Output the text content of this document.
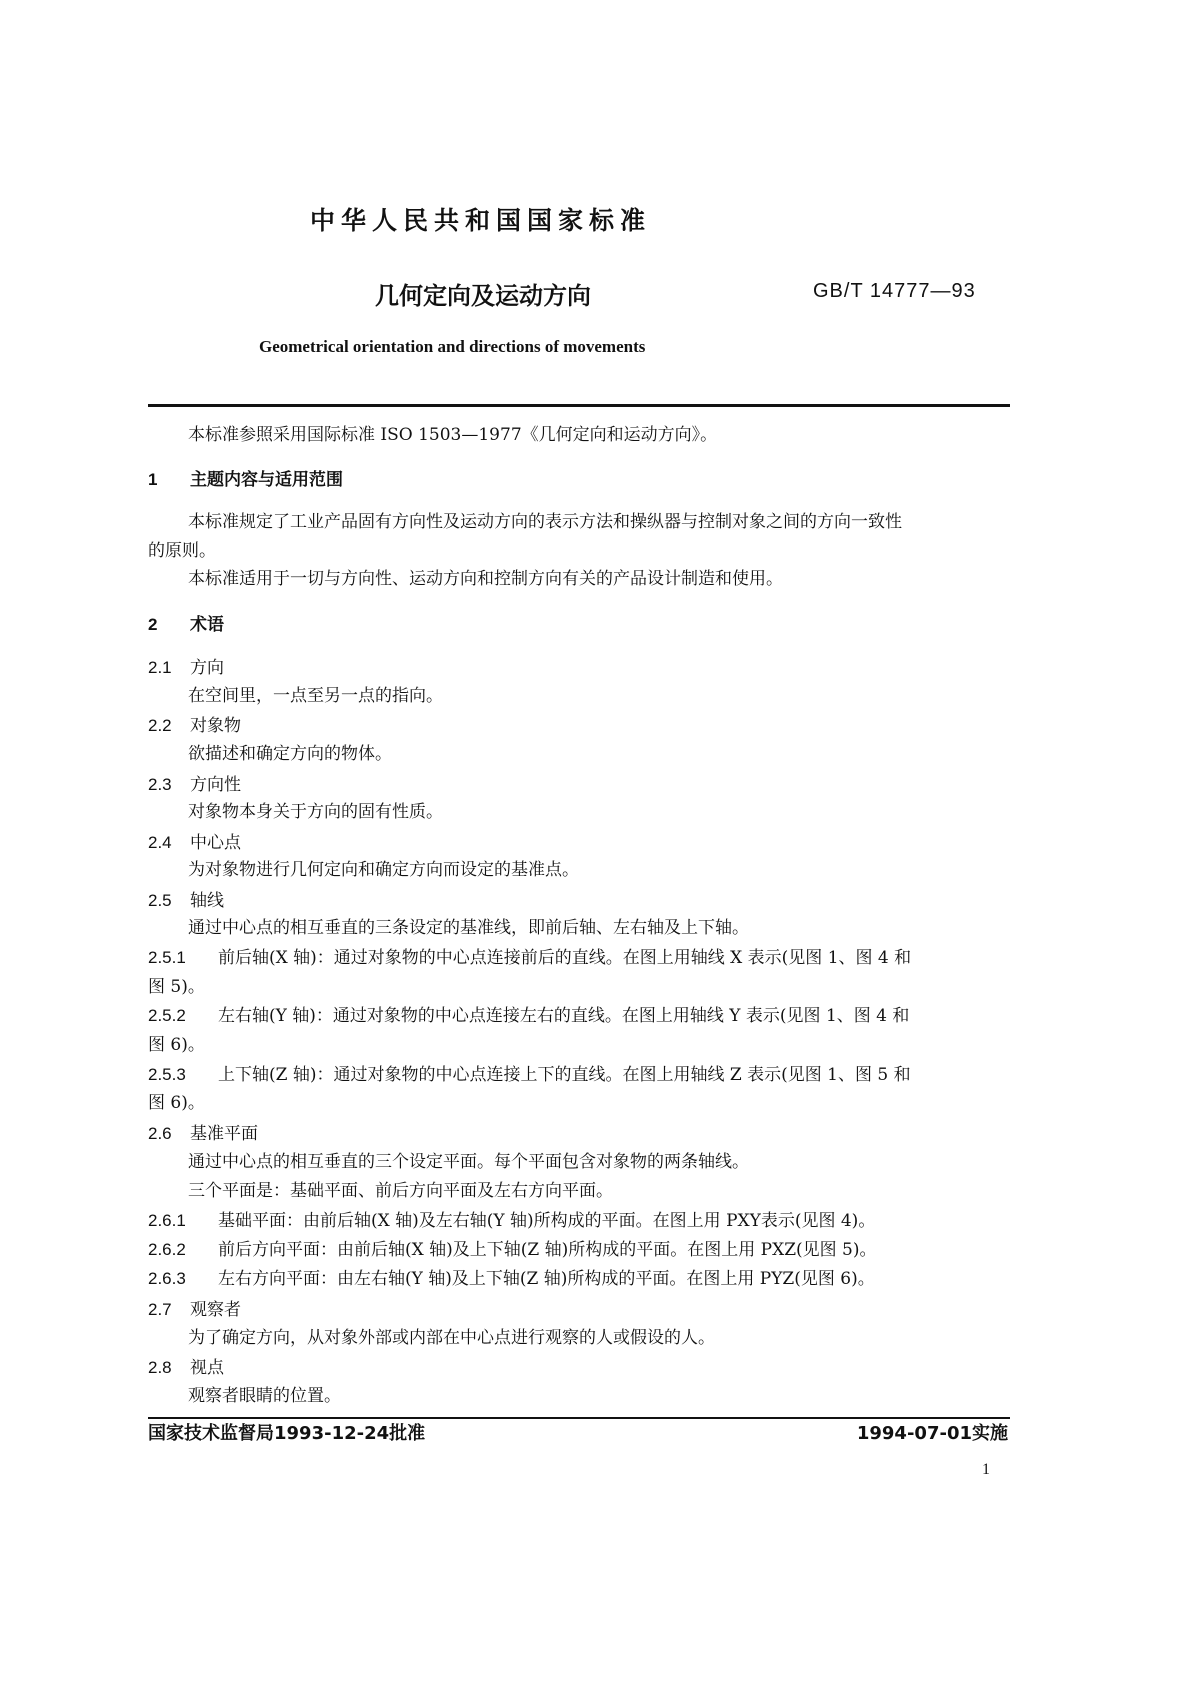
中华人民共和国国家标准
几何定向及运动方向	GB/T 14777—93
Geometrical orientation and directions of movements
本标准参照采用国际标准 ISO 1503—1977《几何定向和运动方向》。
1 主题内容与适用范围
本标准规定了工业产品固有方向性及运动方向的表示方法和操纵器与控制对象之间的方向一致性
的原则。
本标准适用于一切与方向性、运动方向和控制方向有关的产品设计制造和使用。
2 术语
2.1 方向
在空间里，一点至另一点的指向。
2.2 对象物
欲描述和确定方向的物体。
2.3 方向性
对象物本身关于方向的固有性质。
2.4 中心点
为对象物进行几何定向和确定方向而设定的基准点。
2.5 轴线
通过中心点的相互垂直的三条设定的基准线，即前后轴、左右轴及上下轴。
2.5.1 前后轴(X 轴)：通过对象物的中心点连接前后的直线。在图上用轴线 X 表示(见图 1、图 4 和
图 5)。
2.5.2 左右轴(Y 轴)：通过对象物的中心点连接左右的直线。在图上用轴线 Y 表示(见图 1、图 4 和
图 6)。
2.5.3 上下轴(Z 轴)：通过对象物的中心点连接上下的直线。在图上用轴线 Z 表示(见图 1、图 5 和
图 6)。
2.6 基准平面
通过中心点的相互垂直的三个设定平面。每个平面包含对象物的两条轴线。
三个平面是：基础平面、前后方向平面及左右方向平面。
2.6.1 基础平面：由前后轴(X 轴)及左右轴(Y 轴)所构成的平面。在图上用 PXY表示(见图 4)。
2.6.2 前后方向平面：由前后轴(X 轴)及上下轴(Z 轴)所构成的平面。在图上用 PXZ(见图 5)。
2.6.3 左右方向平面：由左右轴(Y 轴)及上下轴(Z 轴)所构成的平面。在图上用 PYZ(见图 6)。
2.7 观察者
为了确定方向，从对象外部或内部在中心点进行观察的人或假设的人。
2.8 视点
观察者眼睛的位置。
国家技术监督局1993-12-24批准	1994-07-01实施
1
